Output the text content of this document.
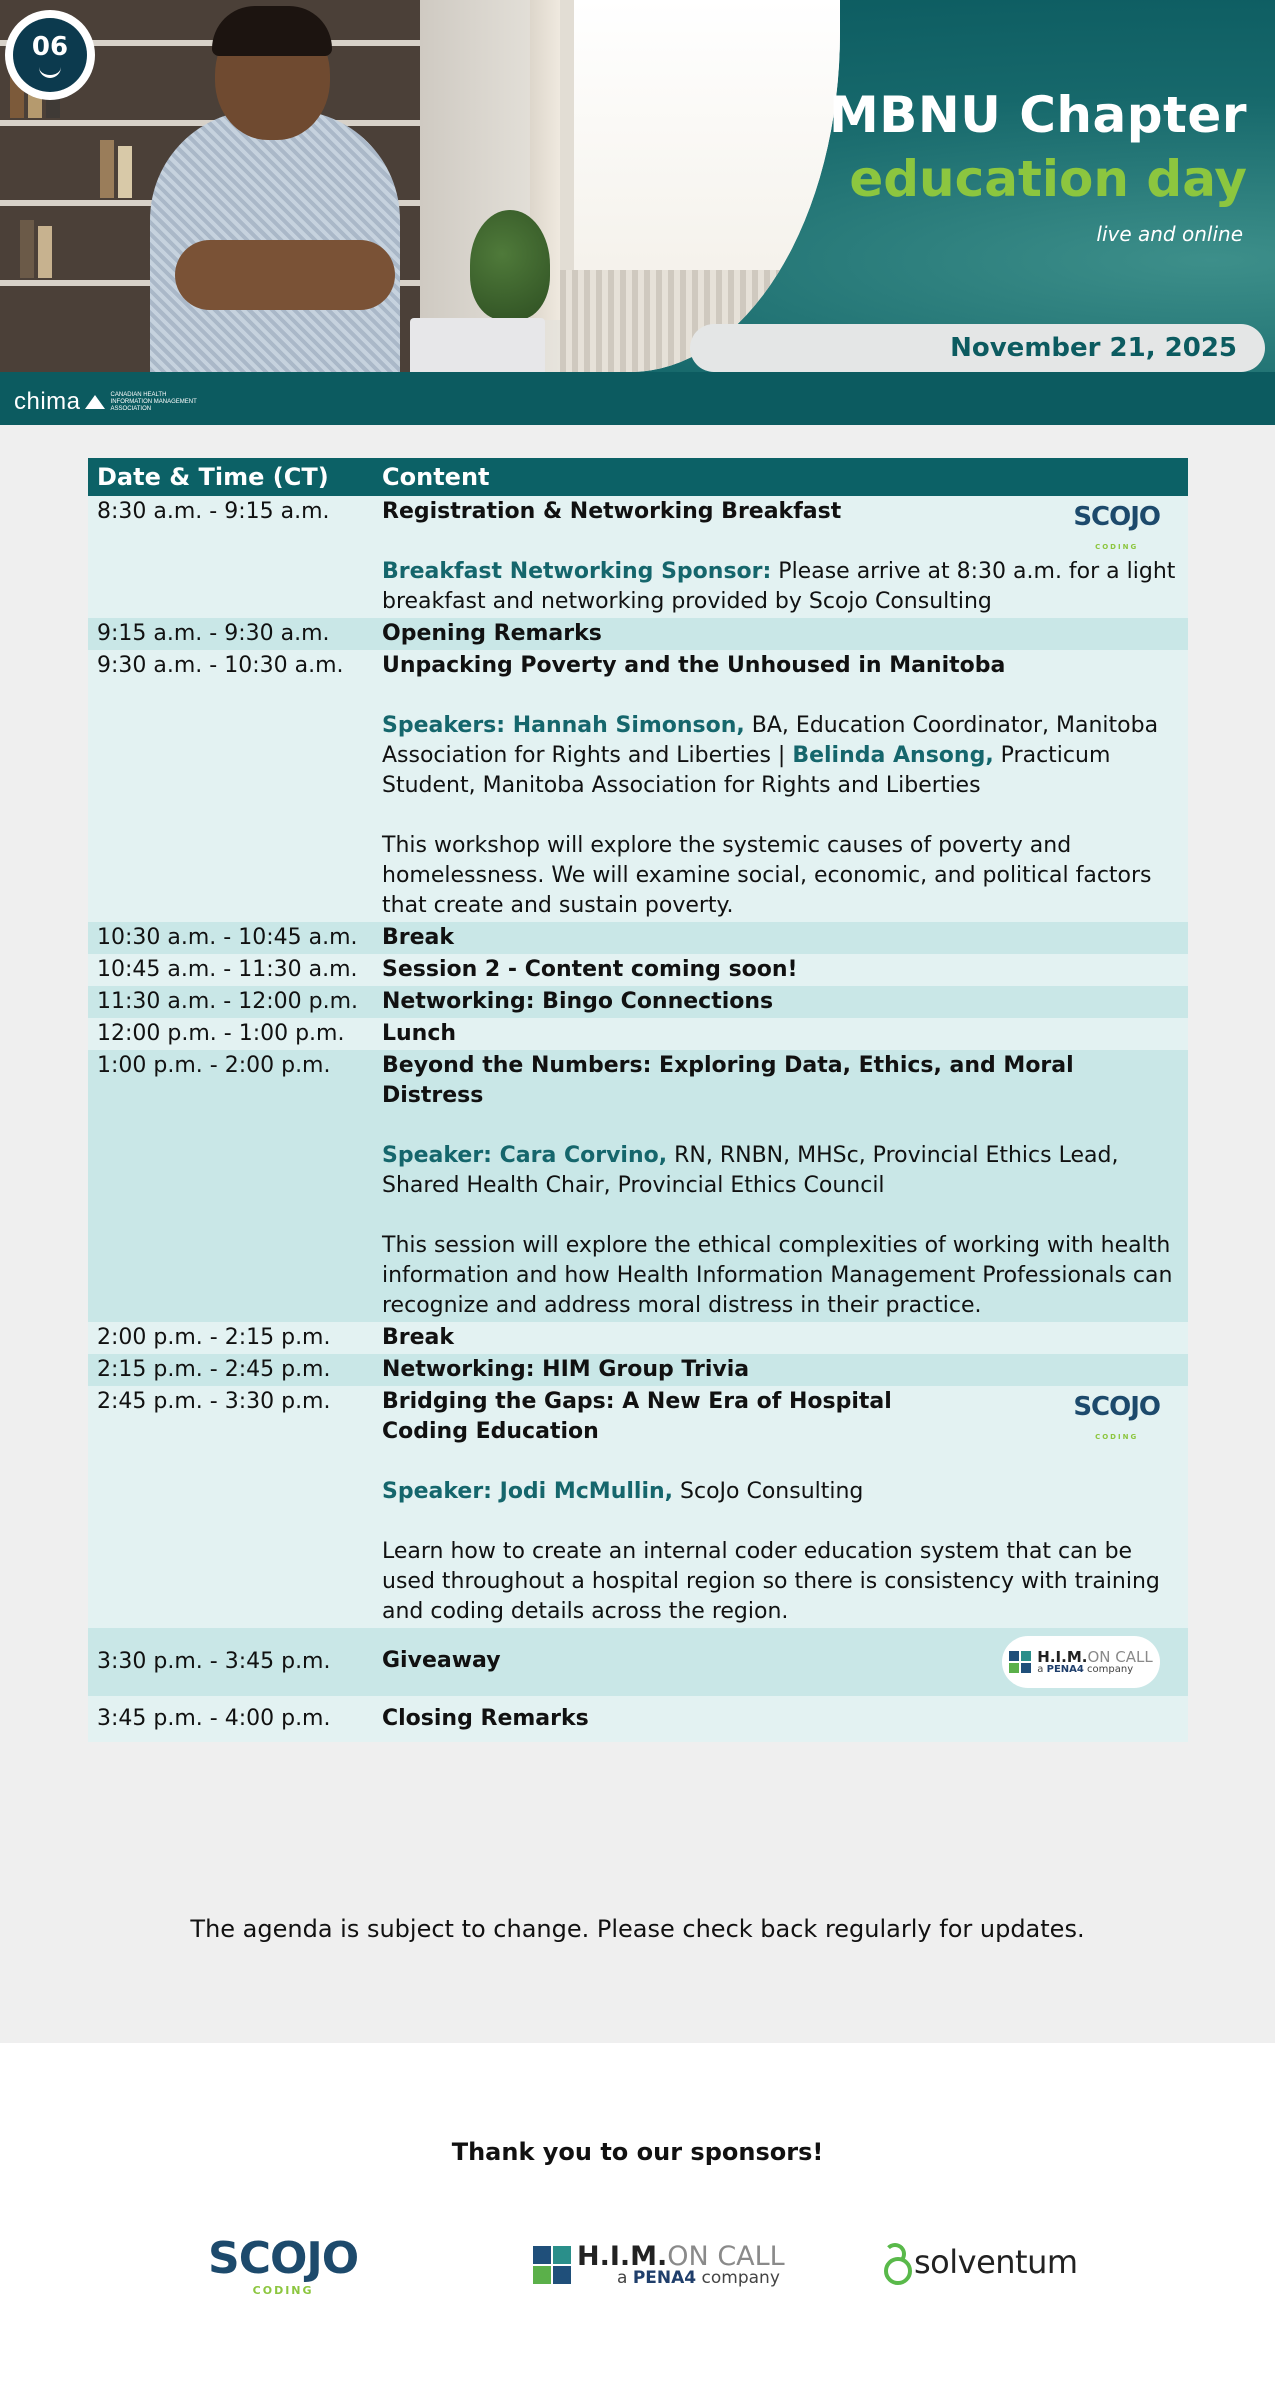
06
MBNU Chapter
education day
live and online
November 21, 2025
chima	CANADIAN HEALTH INFORMATION MANAGEMENT ASSOCIATION
Date & Time (CT)	Content
8:30 a.m. - 9:15 a.m.	Registration & Networking Breakfast
Breakfast Networking Sponsor: Please arrive at 8:30 a.m. for a light breakfast and networking provided by Scojo Consulting
SCOJO
CODING

9:15 a.m. - 9:30 a.m.	Opening Remarks

9:30 a.m. - 10:30 a.m.	Unpacking Poverty and the Unhoused in Manitoba
Speakers: Hannah Simonson, BA, Education Coordinator, Manitoba Association for Rights and Liberties | Belinda Ansong, Practicum Student, Manitoba Association for Rights and Liberties
This workshop will explore the systemic causes of poverty and homelessness. We will examine social, economic, and political factors that create and sustain poverty.

10:30 a.m. - 10:45 a.m.	Break

10:45 a.m. - 11:30 a.m.	Session 2 - Content coming soon!

11:30 a.m. - 12:00 p.m.	Networking: Bingo Connections

12:00 p.m. - 1:00 p.m.	Lunch

1:00 p.m. - 2:00 p.m.	Beyond the Numbers: Exploring Data, Ethics, and Moral Distress
Speaker: Cara Corvino, RN, RNBN, MHSc, Provincial Ethics Lead, Shared Health Chair, Provincial Ethics Council
This session will explore the ethical complexities of working with health information and how Health Information Management Professionals can recognize and address moral distress in their practice.

2:00 p.m. - 2:15 p.m.	Break

2:15 p.m. - 2:45 p.m.	Networking: HIM Group Trivia

2:45 p.m. - 3:30 p.m.	Bridging the Gaps: A New Era of Hospital Coding Education
Speaker: Jodi McMullin, ScoJo Consulting
Learn how to create an internal coder education system that can be used throughout a hospital region so there is consistency with training and coding details across the region.
SCOJO
CODING

3:30 p.m. - 3:45 p.m.	Giveaway H.I.M.ON CALL
a PENA4 company

3:45 p.m. - 4:00 p.m.	Closing Remarks
The agenda is subject to change. Please check back regularly for updates.
Thank you to our sponsors!
SCOJO
CODING
H.I.M.ON CALL
a PENA4 company	solventum
